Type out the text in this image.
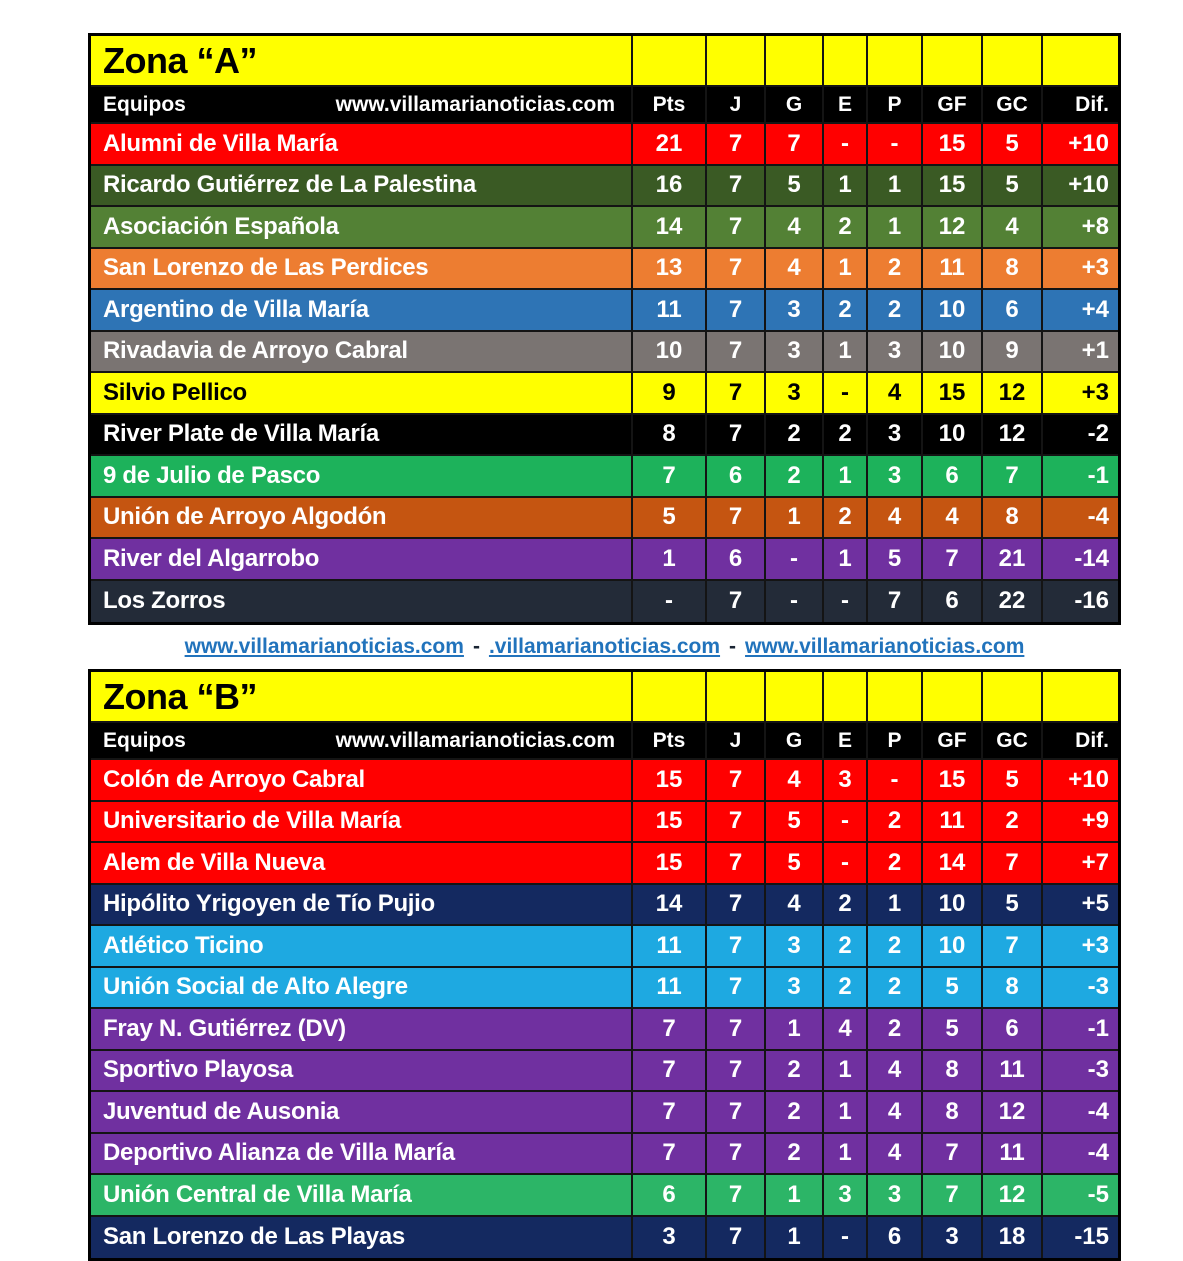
Zona “A”
Equipos	www.villamarianoticias.com	Pts	J	G	E	P	GF	GC	Dif.
Alumni de Villa María	21	7	7	-	-	15	5	+10
Ricardo Gutiérrez de La Palestina	16	7	5	1	1	15	5	+10
Asociación Española	14	7	4	2	1	12	4	+8
San Lorenzo de Las Perdices	13	7	4	1	2	11	8	+3
Argentino de Villa María	11	7	3	2	2	10	6	+4
Rivadavia de Arroyo Cabral	10	7	3	1	3	10	9	+1
Silvio Pellico	9	7	3	-	4	15	12	+3
River Plate de Villa María	8	7	2	2	3	10	12	-2
9 de Julio de Pasco	7	6	2	1	3	6	7	-1
Unión de Arroyo Algodón	5	7	1	2	4	4	8	-4
River del Algarrobo	1	6	-	1	5	7	21	-14
Los Zorros	-	7	-	-	7	6	22	-16
www.villamarianoticias.com - .villamarianoticias.com - www.villamarianoticias.com
Zona “B”
Equipos	www.villamarianoticias.com	Pts	J	G	E	P	GF	GC	Dif.
Colón de Arroyo Cabral	15	7	4	3	-	15	5	+10
Universitario de Villa María	15	7	5	-	2	11	2	+9
Alem de Villa Nueva	15	7	5	-	2	14	7	+7
Hipólito Yrigoyen de Tío Pujio	14	7	4	2	1	10	5	+5
Atlético Ticino	11	7	3	2	2	10	7	+3
Unión Social de Alto Alegre	11	7	3	2	2	5	8	-3
Fray N. Gutiérrez (DV)	7	7	1	4	2	5	6	-1
Sportivo Playosa	7	7	2	1	4	8	11	-3
Juventud de Ausonia	7	7	2	1	4	8	12	-4
Deportivo Alianza de Villa María	7	7	2	1	4	7	11	-4
Unión Central de Villa María	6	7	1	3	3	7	12	-5
San Lorenzo de Las Playas	3	7	1	-	6	3	18	-15
